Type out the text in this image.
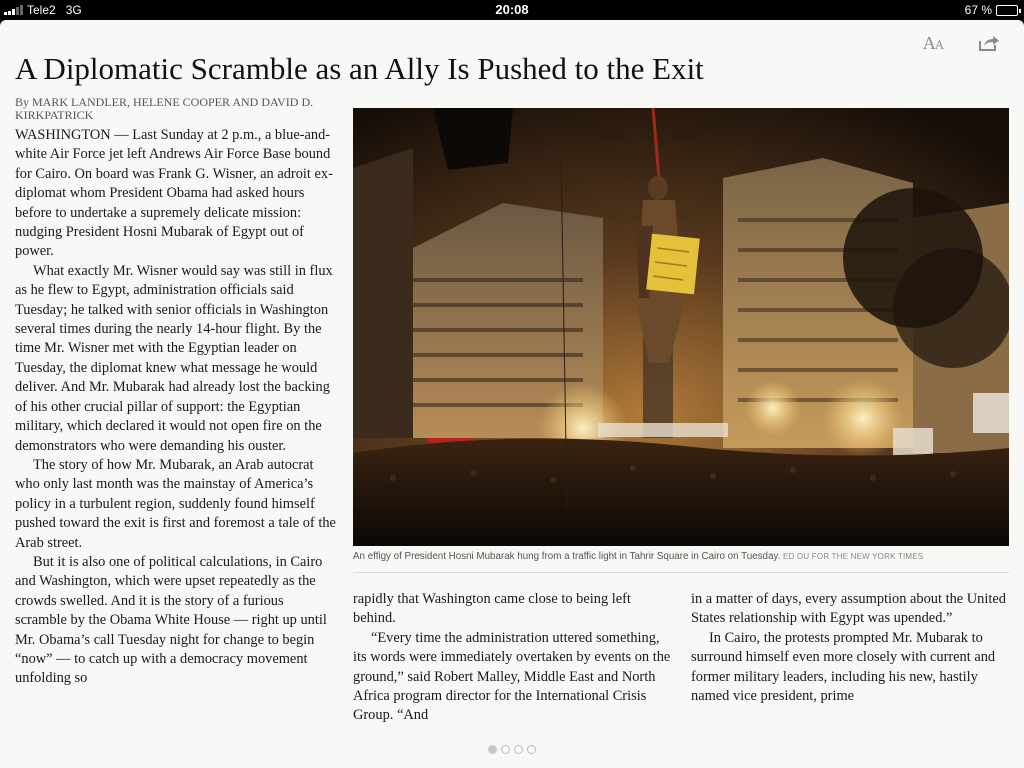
Tele2 3G	20:08	67 %
AA
A Diplomatic Scramble as an Ally Is Pushed to the Exit
By MARK LANDLER, HELENE COOPER AND DAVID D. KIRKPATRICK

WASHINGTON — Last Sunday at 2 p.m., a blue-and-white Air Force jet left Andrews Air Force Base bound for Cairo. On board was Frank G. Wisner, an adroit ex-diplomat whom President Obama had asked hours before to undertake a supremely delicate mission: nudging President Hosni Mubarak of Egypt out of power.

What exactly Mr. Wisner would say was still in flux as he flew to Egypt, administration officials said Tuesday; he talked with senior officials in Washington several times during the nearly 14-hour flight. By the time Mr. Wisner met with the Egyptian leader on Tuesday, the diplomat knew what message he would deliver. And Mr. Mubarak had already lost the backing of his other crucial pillar of support: the Egyptian military, which declared it would not open fire on the demonstrators who were demanding his ouster.

The story of how Mr. Mubarak, an Arab autocrat who only last month was the mainstay of America’s policy in a turbulent region, suddenly found himself pushed toward the exit is first and foremost a tale of the Arab street.

But it is also one of political calculations, in Cairo and Washington, which were upset repeatedly as the crowds swelled. And it is the story of a furious scramble by the Obama White House — right up until Mr. Obama’s call Tuesday night for change to begin “now” — to catch up with a democracy movement unfolding so

An effigy of President Hosni Mubarak hung from a traffic light in Tahrir Square in Cairo on Tuesday. ED OU FOR THE NEW YORK TIMES

rapidly that Washington came close to being left behind.

“Every time the administration uttered something, its words were immediately overtaken by events on the ground,” said Robert Malley, Middle East and North Africa program director for the International Crisis Group. “And

in a matter of days, every assumption about the United States relationship with Egypt was upended.”

In Cairo, the protests prompted Mr. Mubarak to surround himself even more closely with current and former military leaders, including his new, hastily named vice president, prime
